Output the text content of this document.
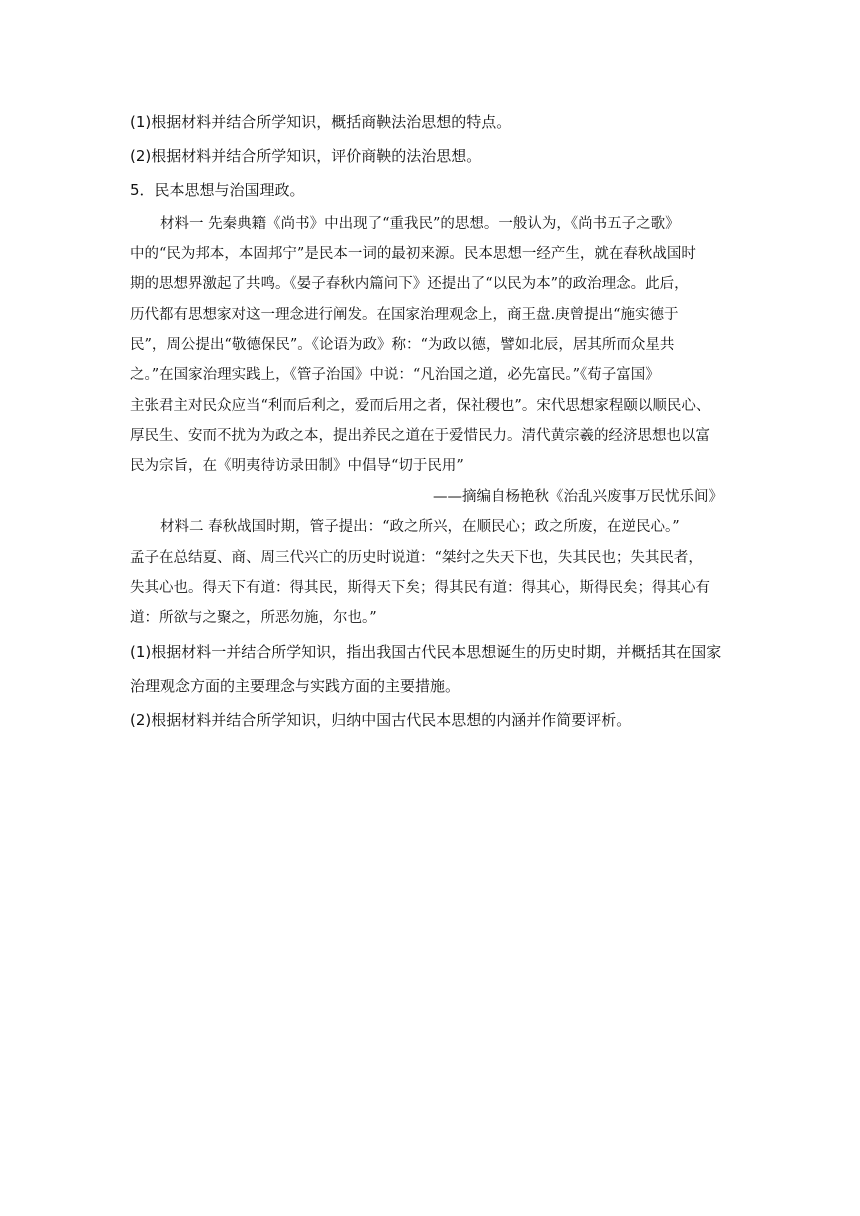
(1)根据材料并结合所学知识，概括商鞅法治思想的特点。
(2)根据材料并结合所学知识，评价商鞅的法治思想。
5．民本思想与治国理政。
材料一 先秦典籍《尚书》中出现了“重我民”的思想。一般认为，《尚书五子之歌》
中的“民为邦本，本固邦宁”是民本一词的最初来源。民本思想一经产生，就在春秋战国时
期的思想界激起了共鸣。《晏子春秋内篇问下》还提出了“以民为本”的政治理念。此后，
历代都有思想家对这一理念进行阐发。在国家治理观念上，商王盘.庚曾提出“施实德于
民”，周公提出“敬德保民”。《论语为政》称：“为政以德，譬如北辰，居其所而众星共
之。”在国家治理实践上，《管子治国》中说：“凡治国之道，必先富民。”《荀子富国》
主张君主对民众应当“利而后利之，爱而后用之者，保社稷也”。宋代思想家程颐以顺民心、
厚民生、安而不扰为为政之本，提出养民之道在于爱惜民力。清代黄宗羲的经济思想也以富
民为宗旨，在《明夷待访录田制》中倡导“切于民用”
——摘编自杨艳秋《治乱兴废事万民忧乐间》
材料二 春秋战国时期，管子提出：“政之所兴，在顺民心；政之所废，在逆民心。”
孟子在总结夏、商、周三代兴亡的历史时说道：“桀纣之失天下也，失其民也；失其民者，
失其心也。得天下有道：得其民，斯得天下矣；得其民有道：得其心，斯得民矣；得其心有
道：所欲与之聚之，所恶勿施，尔也。”
(1)根据材料一并结合所学知识，指出我国古代民本思想诞生的历史时期，并概括其在国家
治理观念方面的主要理念与实践方面的主要措施。
(2)根据材料并结合所学知识，归纳中国古代民本思想的内涵并作简要评析。
